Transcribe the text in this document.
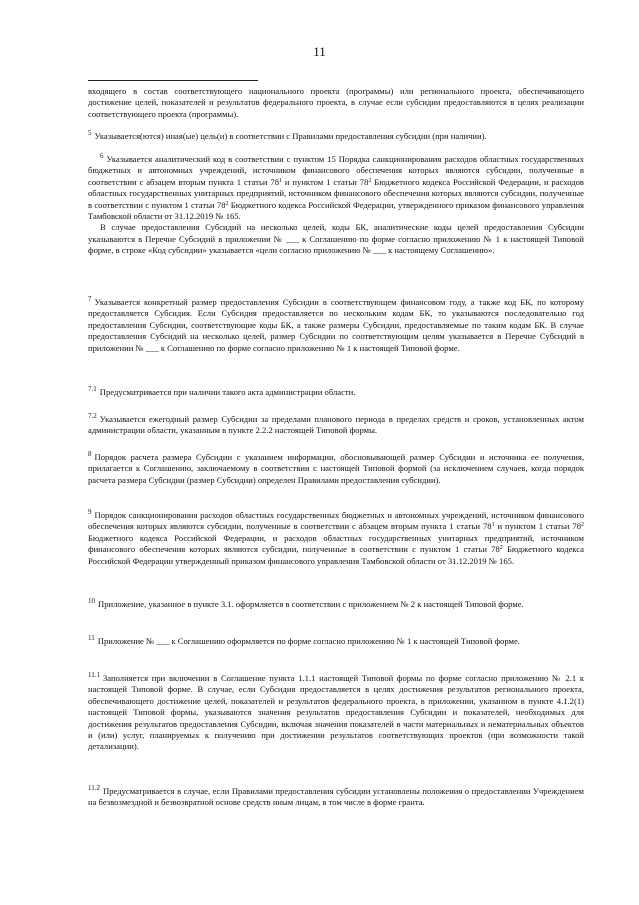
11

входящего в состав соответствующего национального проекта (программы) или регионального проекта, обеспечивающего достижение целей, показателей и результатов федерального проекта, в случае если субсидии предоставляются в целях реализации соответствующего проекта (программы).

$^5$ Указывается(ются) иная(ые) цель(и) в соответствии с Правилами предоставления субсидии (при наличии).

$^6$ Указывается аналитический код в соответствии с пунктом 15 Порядка санкционирования расходов областных государственных бюджетных и автономных учреждений, источником финансового обеспечения которых являются субсидии, полученные в соответствии с абзацем вторым пункта 1 статьи $78^1$ и пунктом 1 статьи $78^2$ Бюджетного кодекса Российской Федерации, и расходов областных государственных унитарных предприятий, источником финансового обеспечения которых являются субсидии, полученные в соответствии с пунктом 1 статьи $78^2$ Бюджетного кодекса Российской Федерации, утвержденного приказом финансового управления Тамбовской области от 31.12.2019 № 165.

В случае предоставления Субсидий на несколько целей, коды БК, аналитические коды целей предоставления Субсидии указываются в Перечне Субсидий в приложении № ___ к Соглашению по форме согласно приложению № 1 к настоящей Типовой форме, в строке «Код субсидии» указывается «цели согласно приложению № ___ к настоящему Соглашению».

$^7$ Указывается конкретный размер предоставления Субсидии в соответствующем финансовом году, а также код БК, по которому предоставляется Субсидия. Если Субсидия предоставляется по нескольким кодам БК, то указываются последовательно год предоставления Субсидии, соответствующие коды БК, а также размеры Субсидии, предоставляемые по таким кодам БК. В случае предоставления Субсидий на несколько целей, размер Субсидии по соответствующим целям указывается в Перечне Субсидий в приложении № ___ к Соглашению по форме согласно приложению № 1 к настоящей Типовой форме.

$^{7.1}$ Предусматривается при наличии такого акта администрации области.

$^{7.2}$ Указывается ежегодный размер Субсидии за пределами планового периода в пределах средств и сроков, установленных актом администрации области, указанным в пункте 2.2.2 настоящей Типовой формы.

$^8$ Порядок расчета размера Субсидии с указанием информации, обосновывающей размер Субсидии и источника ее получения, прилагается к Соглашению, заключаемому в соответствии с настоящей Типовой формой (за исключением случаев, когда порядок расчета размера Субсидии (размер Субсидии) определен Правилами предоставления субсидии).

$^9$ Порядок санкционирования расходов областных государственных бюджетных и автономных учреждений, источником финансового обеспечения которых являются субсидии, полученные в соответствии с абзацем вторым пункта 1 статьи $78^1$ и пунктом 1 статьи $78^2$ Бюджетного кодекса Российской Федерации, и расходов областных государственных унитарных предприятий, источником финансового обеспечения которых являются субсидии, полученные в соответствии с пунктом 1 статьи $78^2$ Бюджетного кодекса Российской Федерации утвержденный приказом финансового управления Тамбовской области от 31.12.2019 № 165.

$^{10}$ Приложение, указанное в пункте 3.1. оформляется в соответствии с приложением № 2 к настоящей Типовой форме.

$^{11}$ Приложение № ___ к Соглашению оформляется по форме согласно приложению № 1 к настоящей Типовой форме.

$^{11.1}$ Заполняется при включении в Соглашение пункта 1.1.1 настоящей Типовой формы по форме согласно приложению № 2.1 к настоящей Типовой форме. В случае, если Субсидия предоставляется в целях достижения результатов регионального проекта, обеспечивающего достижение целей, показателей и результатов федерального проекта, в приложении, указанном в пункте 4.1.2(1) настоящей Типовой формы, указываются значения результатов предоставления Субсидии и показателей, необходимых для достижения результатов предоставления Субсидии, включая значения показателей в части материальных и нематериальных объектов и (или) услуг, планируемых к получению при достижении результатов соответствующих проектов (при возможности такой детализации).

$^{11.2}$ Предусматривается в случае, если Правилами предоставления субсидии установлены положения о предоставлении Учреждением на безвозмездной и безвозвратной основе средств иным лицам, в том числе в форме гранта.
